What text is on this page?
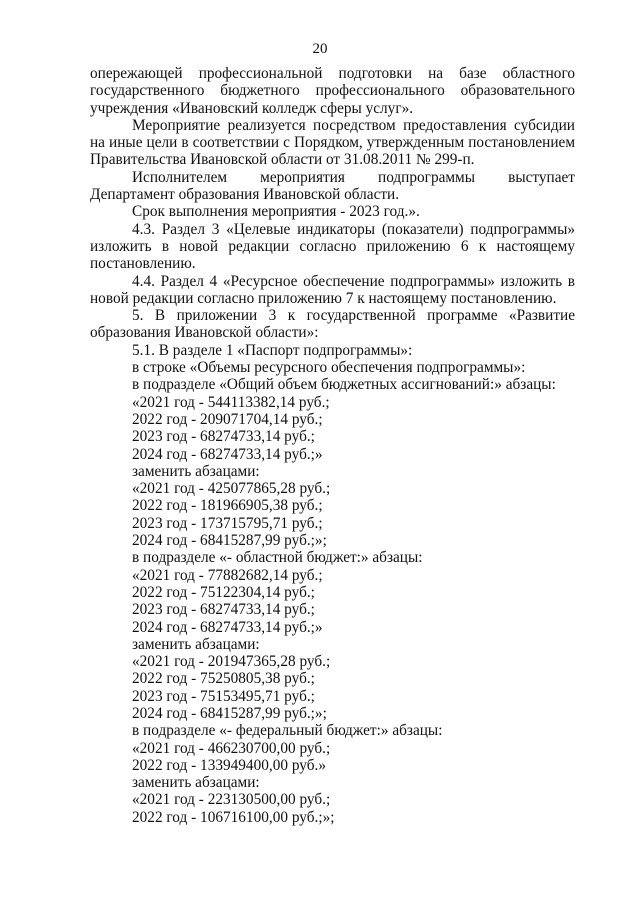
20

опережающей профессиональной подготовки на базе областного государственного бюджетного профессионального образовательного учреждения «Ивановский колледж сферы услуг».

Мероприятие реализуется посредством предоставления субсидии на иные цели в соответствии с Порядком, утвержденным постановлением Правительства Ивановской области от 31.08.2011 № 299-п.

Исполнителем мероприятия подпрограммы выступает Департамент образования Ивановской области.

Срок выполнения мероприятия - 2023 год.».

4.3. Раздел 3 «Целевые индикаторы (показатели) подпрограммы» изложить в новой редакции согласно приложению 6 к настоящему постановлению.

4.4. Раздел 4 «Ресурсное обеспечение подпрограммы» изложить в новой редакции согласно приложению 7 к настоящему постановлению.

5. В приложении 3 к государственной программе «Развитие образования Ивановской области»:

5.1. В разделе 1 «Паспорт подпрограммы»:

в строке «Объемы ресурсного обеспечения подпрограммы»:

в подразделе «Общий объем бюджетных ассигнований:» абзацы:

«2021 год - 544113382,14 руб.;

2022 год - 209071704,14 руб.;

2023 год - 68274733,14 руб.;

2024 год - 68274733,14 руб.;»

заменить абзацами:

«2021 год - 425077865,28 руб.;

2022 год - 181966905,38 руб.;

2023 год - 173715795,71 руб.;

2024 год - 68415287,99 руб.;»;

в подразделе «- областной бюджет:» абзацы:

«2021 год - 77882682,14 руб.;

2022 год - 75122304,14 руб.;

2023 год - 68274733,14 руб.;

2024 год - 68274733,14 руб.;»

заменить абзацами:

«2021 год - 201947365,28 руб.;

2022 год - 75250805,38 руб.;

2023 год - 75153495,71 руб.;

2024 год - 68415287,99 руб.;»;

в подразделе «- федеральный бюджет:» абзацы:

«2021 год - 466230700,00 руб.;

2022 год - 133949400,00 руб.»

заменить абзацами:

«2021 год - 223130500,00 руб.;

2022 год - 106716100,00 руб.;»;
